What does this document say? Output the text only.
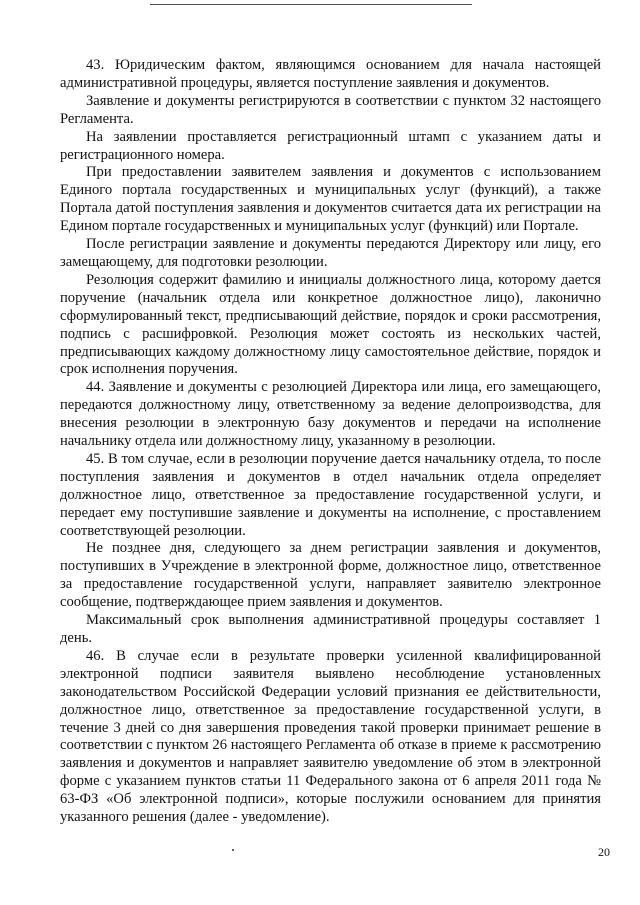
43. Юридическим фактом, являющимся основанием для начала настоящей административной процедуры, является поступление заявления и документов.

Заявление и документы регистрируются в соответствии с пунктом 32 настоящего Регламента.

На заявлении проставляется регистрационный штамп с указанием даты и регистрационного номера.

При предоставлении заявителем заявления и документов с использованием Единого портала государственных и муниципальных услуг (функций), а также Портала датой поступления заявления и документов считается дата их регистрации на Едином портале государственных и муниципальных услуг (функций) или Портале.

После регистрации заявление и документы передаются Директору или лицу, его замещающему, для подготовки резолюции.

Резолюция содержит фамилию и инициалы должностного лица, которому дается поручение (начальник отдела или конкретное должностное лицо), лаконично сформулированный текст, предписывающий действие, порядок и сроки рассмотрения, подпись с расшифровкой. Резолюция может состоять из нескольких частей, предписывающих каждому должностному лицу самостоятельное действие, порядок и срок исполнения поручения.

44. Заявление и документы с резолюцией Директора или лица, его замещающего, передаются должностному лицу, ответственному за ведение делопроизводства, для внесения резолюции в электронную базу документов и передачи на исполнение начальнику отдела или должностному лицу, указанному в резолюции.

45. В том случае, если в резолюции поручение дается начальнику отдела, то после поступления заявления и документов в отдел начальник отдела определяет должностное лицо, ответственное за предоставление государственной услуги, и передает ему поступившие заявление и документы на исполнение, с проставлением соответствующей резолюции.

Не позднее дня, следующего за днем регистрации заявления и документов, поступивших в Учреждение в электронной форме, должностное лицо, ответственное за предоставление государственной услуги, направляет заявителю электронное сообщение, подтверждающее прием заявления и документов.

Максимальный срок выполнения административной процедуры составляет 1 день.

46. В случае если в результате проверки усиленной квалифицированной электронной подписи заявителя выявлено несоблюдение установленных законодательством Российской Федерации условий признания ее действительности, должностное лицо, ответственное за предоставление государственной услуги, в течение 3 дней со дня завершения проведения такой проверки принимает решение в соответствии с пунктом 26 настоящего Регламента об отказе в приеме к рассмотрению заявления и документов и направляет заявителю уведомление об этом в электронной форме с указанием пунктов статьи 11 Федерального закона от 6 апреля 2011 года № 63-ФЗ «Об электронной подписи», которые послужили основанием для принятия указанного решения (далее - уведомление).

20
